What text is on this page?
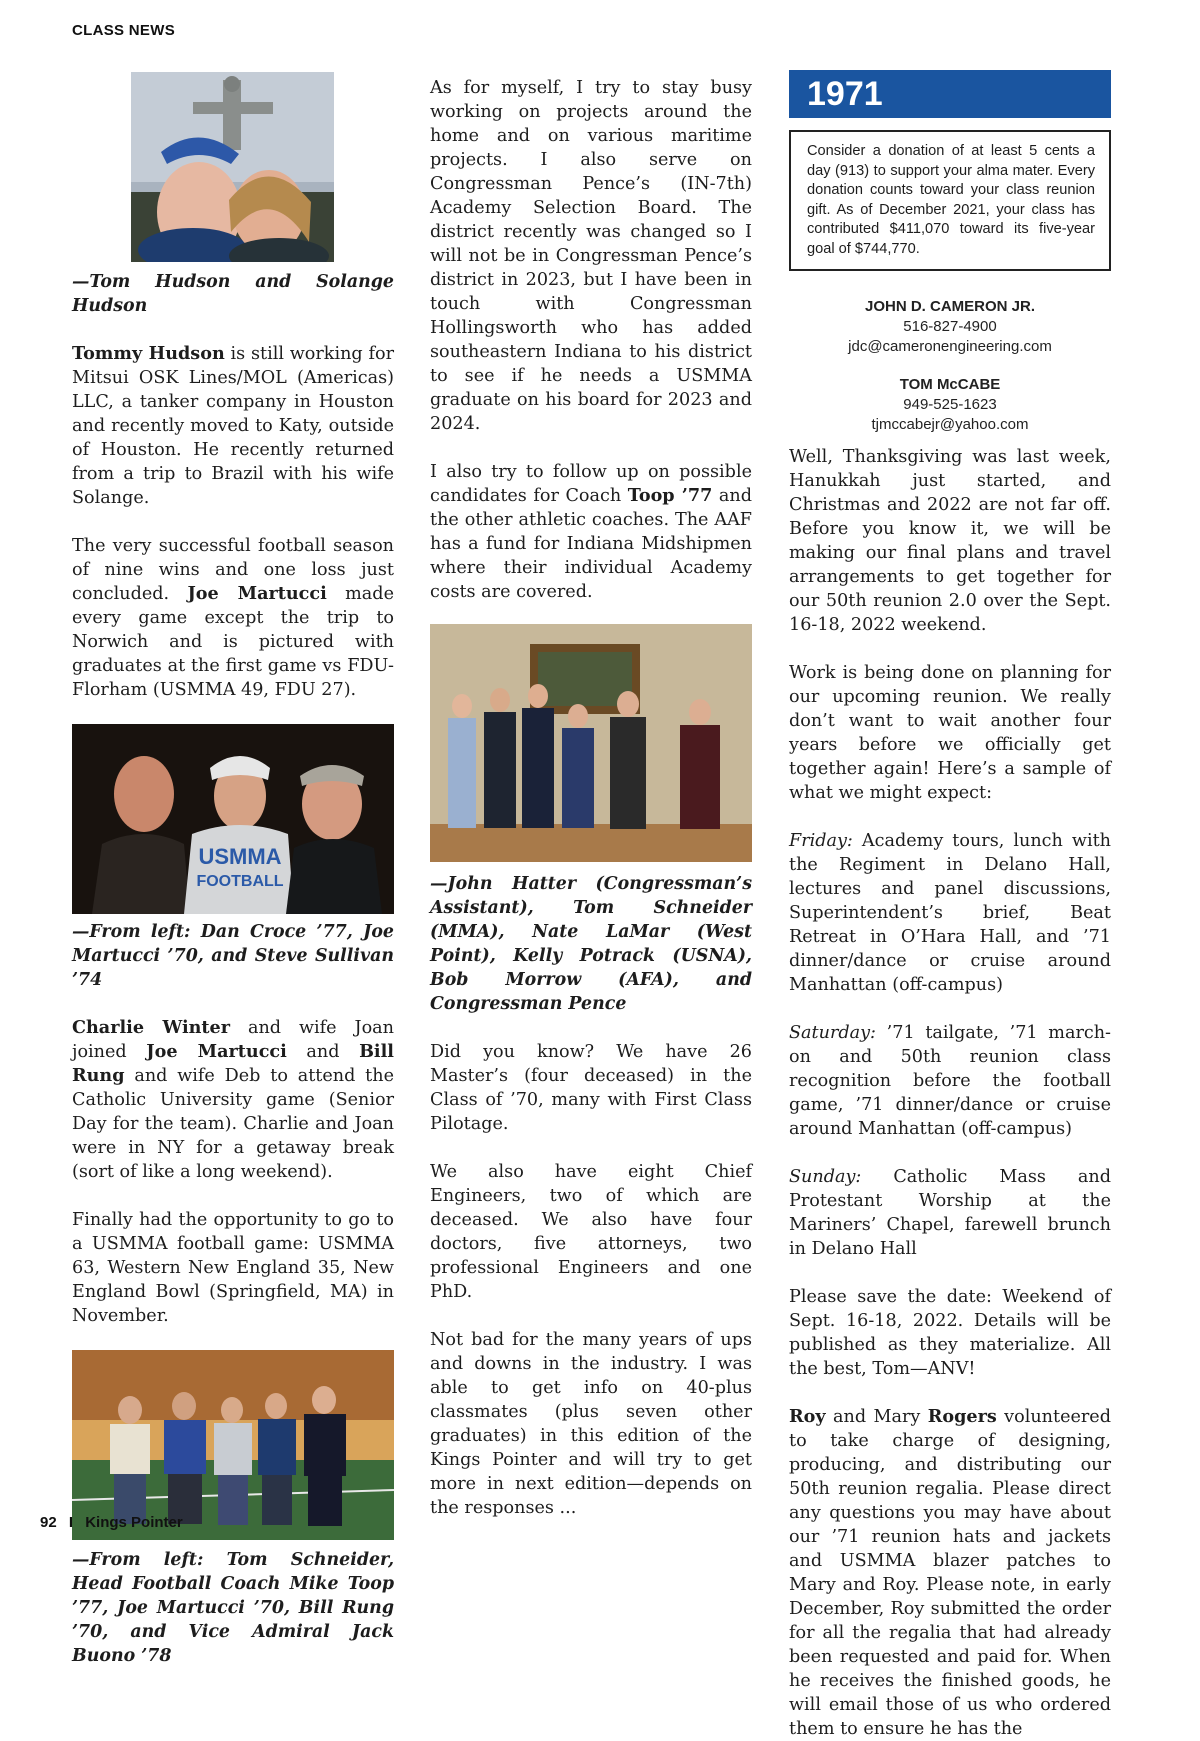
CLASS NEWS
—Tom Hudson and Solange Hudson

Tommy Hudson is still working for Mitsui OSK Lines/MOL (Americas) LLC, a tanker company in Houston and recently moved to Katy, outside of Houston. He recently returned from a trip to Brazil with his wife Solange.

The very successful football season of nine wins and one loss just concluded. Joe Martucci made every game except the trip to Norwich and is pictured with graduates at the first game vs FDU-Florham (USMMA 49, FDU 27).

USMMA
FOOTBALL
—From left: Dan Croce ’77, Joe Martucci ’70, and Steve Sullivan ’74

Charlie Winter and wife Joan joined Joe Martucci and Bill Rung and wife Deb to attend the Catholic University game (Senior Day for the team). Charlie and Joan were in NY for a getaway break (sort of like a long weekend).

Finally had the opportunity to go to a USMMA football game: USMMA 63, Western New England 35, New England Bowl (Springfield, MA) in November.

—From left: Tom Schneider, Head Football Coach Mike Toop ’77, Joe Martucci ’70, Bill Rung ’70, and Vice Admiral Jack Buono ’78

As for myself, I try to stay busy working on projects around the home and on various maritime projects. I also serve on Congressman Pence’s (IN-7th) Academy Selection Board. The district recently was changed so I will not be in Congressman Pence’s district in 2023, but I have been in touch with Congressman Hollingsworth who has added southeastern Indiana to his district to see if he needs a USMMA graduate on his board for 2023 and 2024.

I also try to follow up on possible candidates for Coach Toop ’77 and the other athletic coaches. The AAF has a fund for Indiana Midshipmen where their individual Academy costs are covered.

—John Hatter (Congressman’s Assistant), Tom Schneider (MMA), Nate LaMar (West Point), Kelly Potrack (USNA), Bob Morrow (AFA), and Congressman Pence

Did you know? We have 26 Master’s (four deceased) in the Class of ’70, many with First Class Pilotage.

We also have eight Chief Engineers, two of which are deceased. We also have four doctors, five attorneys, two professional Engineers and one PhD.

Not bad for the many years of ups and downs in the industry. I was able to get info on 40-plus classmates (plus seven other graduates) in this edition of the Kings Pointer and will try to get more in next edition—depends on the responses ...

1971
Consider a donation of at least 5 cents a day (913) to support your alma mater. Every donation counts toward your class reunion gift. As of December 2021, your class has contributed $411,070 toward its five-year goal of $744,770.
JOHN D. CAMERON JR.
516-827-4900
jdc@cameronengineering.com
TOM McCABE
949-525-1623
tjmccabejr@yahoo.com

Well, Thanksgiving was last week, Hanukkah just started, and Christmas and 2022 are not far off. Before you know it, we will be making our final plans and travel arrangements to get together for our 50th reunion 2.0 over the Sept. 16-18, 2022 weekend.

Work is being done on planning for our upcoming reunion. We really don’t want to wait another four years before we officially get together again! Here’s a sample of what we might expect:

Friday: Academy tours, lunch with the Regiment in Delano Hall, lectures and panel discussions, Superintendent’s brief, Beat Retreat in O’Hara Hall, and ’71 dinner/dance or cruise around Manhattan (off-campus)

Saturday: ’71 tailgate, ’71 march-on and 50th reunion class recognition before the football game, ’71 dinner/dance or cruise around Manhattan (off-campus)

Sunday: Catholic Mass and Protestant Worship at the Mariners’ Chapel, farewell brunch in Delano Hall

Please save the date: Weekend of Sept. 16-18, 2022. Details will be published as they materialize. All the best, Tom—ANV!

Roy and Mary Rogers volunteered to take charge of designing, producing, and distributing our 50th reunion regalia. Please direct any questions you may have about our ’71 reunion hats and jackets and USMMA blazer patches to Mary and Roy. Please note, in early December, Roy submitted the order for all the regalia that had already been requested and paid for. When he receives the finished goods, he will email those of us who ordered them to ensure he has the

92 I Kings Pointer
